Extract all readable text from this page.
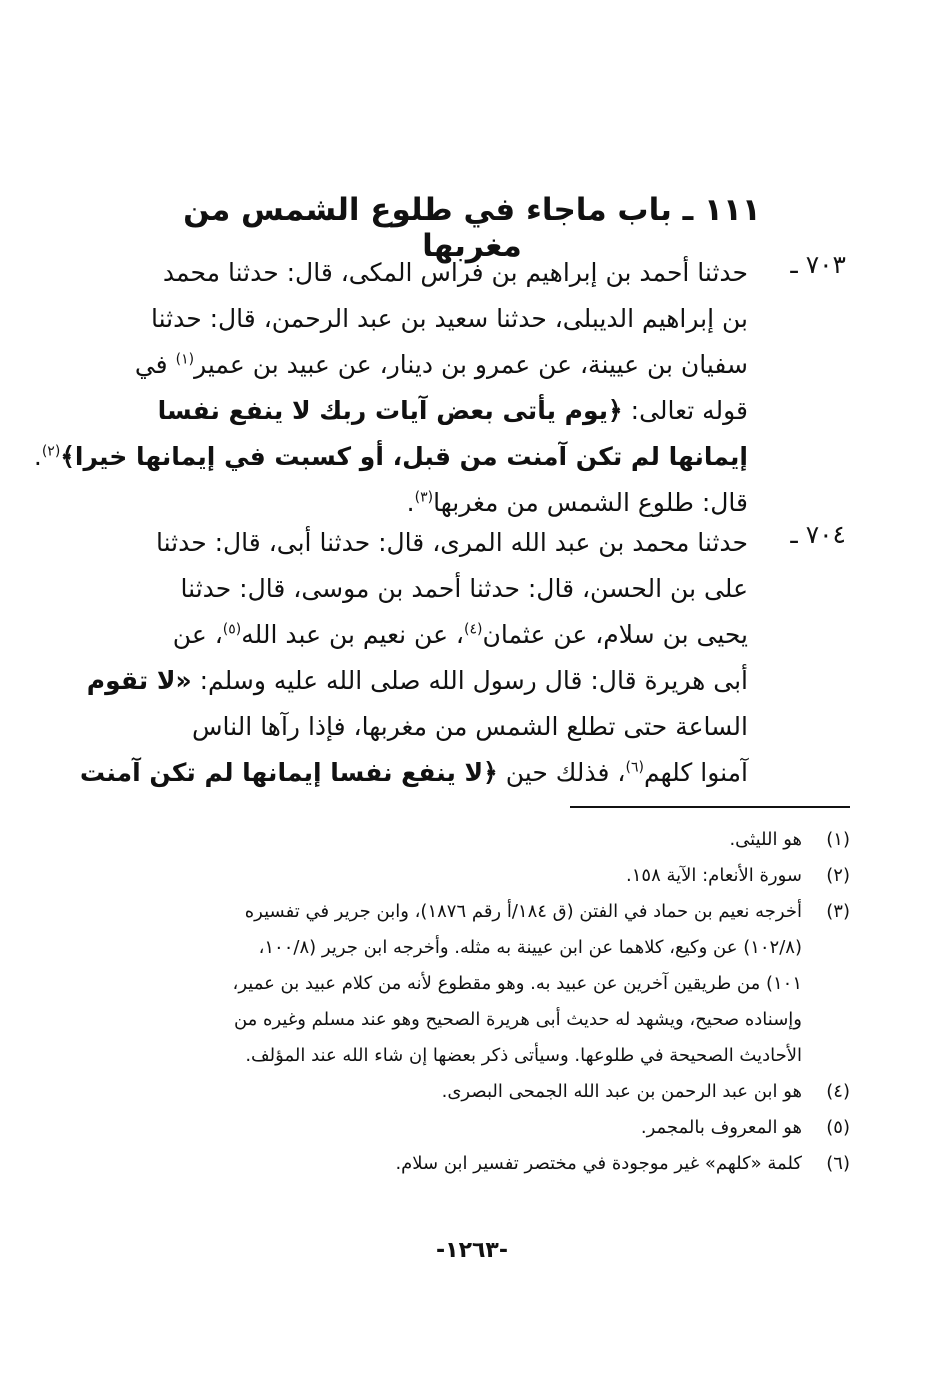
١١١ ـ باب ماجاء في طلوع الشمس من مغربها
٧٠٣ ـ
حدثنا أحمد بن إبراهيم بن فراس المكى، قال: حدثنا محمد
بن إبراهيم الديبلى، حدثنا سعيد بن عبد الرحمن، قال: حدثنا
سفيان بن عيينة، عن عمرو بن دينار، عن عبيد بن عمير$^{(١)}$ في
قوله تعالى: ﴿يوم يأتى بعض آيات ربك لا ينفع نفسا
إيمانها لم تكن آمنت من قبل، أو كسبت في إيمانها خيرا﴾$^{(٢)}$.
قال: طلوع الشمس من مغربها$^{(٣)}$.
٧٠٤ ـ
حدثنا محمد بن عبد الله المرى، قال: حدثنا أبى، قال: حدثنا
على بن الحسن، قال: حدثنا أحمد بن موسى، قال: حدثنا
يحيى بن سلام، عن عثمان$^{(٤)}$، عن نعيم بن عبد الله$^{(٥)}$، عن
أبى هريرة قال: قال رسول الله صلى الله عليه وسلم: «لا تقوم
الساعة حتى تطلع الشمس من مغربها، فإذا رآها الناس
آمنوا كلهم$^{(٦)}$، فذلك حين ﴿لا ينفع نفسا إيمانها لم تكن آمنت
(١)
هو الليثى.
(٢)
سورة الأنعام: الآية ١٥٨.
(٣)
أخرجه نعيم بن حماد في الفتن (ق ١٨٤/أ رقم ١٨٧٦)، وابن جرير في تفسيره
(١٠٢/٨) عن وكيع، كلاهما عن ابن عيينة به مثله. وأخرجه ابن جرير (١٠٠/٨،
١٠١) من طريقين آخرين عن عبيد به. وهو مقطوع لأنه من كلام عبيد بن عمير،
وإسناده صحيح، ويشهد له حديث أبى هريرة الصحيح وهو عند مسلم وغيره من
الأحاديث الصحيحة في طلوعها. وسيأتى ذكر بعضها إن شاء الله عند المؤلف.
(٤)
هو ابن عبد الرحمن بن عبد الله الجمحى البصرى.
(٥)
هو المعروف بالمجمر.
(٦)
كلمة «كلهم» غير موجودة في مختصر تفسير ابن سلام.
-١٢٦٣-
